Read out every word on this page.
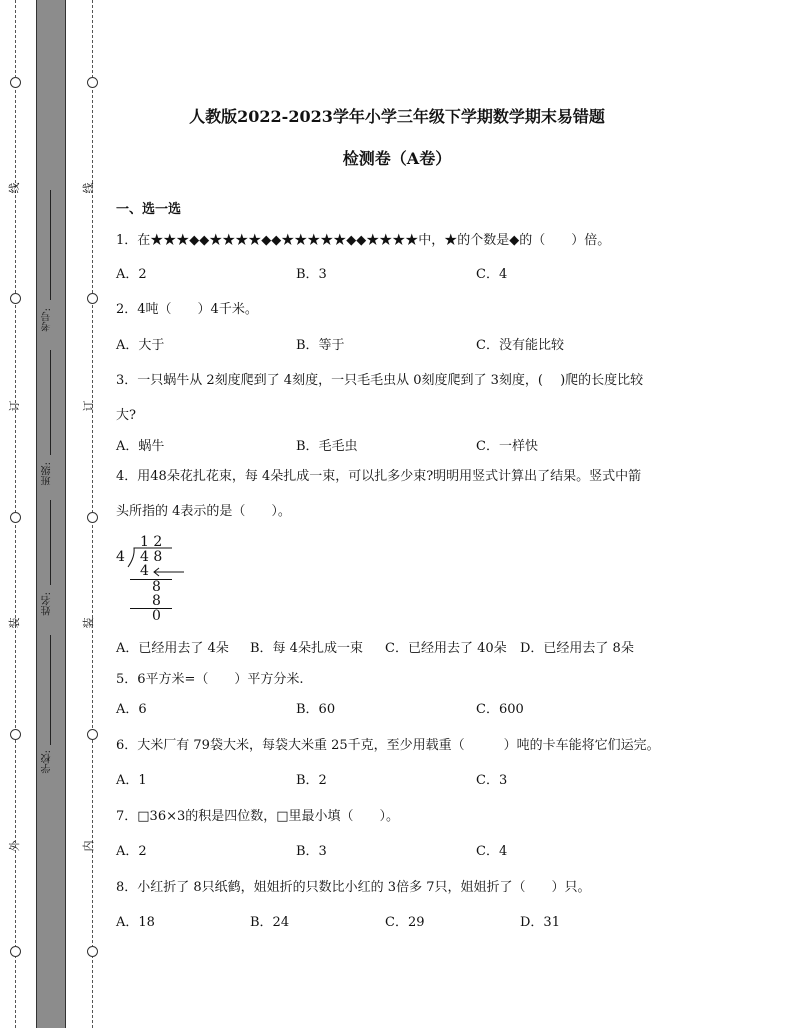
线
订
装
外
线
订
装
内
考号:
班级:
姓名:
学校:
人教版2022-2023学年小学三年级下学期数学期末易错题
检测卷（A卷）
一、选一选
1．在★★★◆◆★★★★◆◆★★★★★◆◆★★★★中，★的个数是◆的（　　）倍。
A．2	B．3	C．4
2．4吨（　　）4千米。
A．大于	B．等于	C．没有能比较
3．一只蜗牛从 2刻度爬到了 4刻度，一只毛毛虫从 0刻度爬到了 3刻度，(　 )爬的长度比较
大?
A．蜗牛	B．毛毛虫	C．一样快
4．用48朵花扎花束，每 4朵扎成一束，可以扎多少束?明明用竖式计算出了结果。竖式中箭
头所指的 4表示的是（　　）。
1 2
4 4 8
4
8
8
0
A．已经用去了 4朵 B．每 4朵扎成一束 C．已经用去了 40朵 D．已经用去了 8朵
5．6平方米=（　　）平方分米.
A．6	B．60	C．600
6．大米厂有 79袋大米，每袋大米重 25千克，至少用载重（　　　）吨的卡车能将它们运完。
A．1	B．2	C．3
7．□36×3的积是四位数，□里最小填（　　）。
A．2	B．3	C．4
8．小红折了 8只纸鹤，姐姐折的只数比小红的 3倍多 7只，姐姐折了（　　）只。
A．18	B．24	C．29	D．31
